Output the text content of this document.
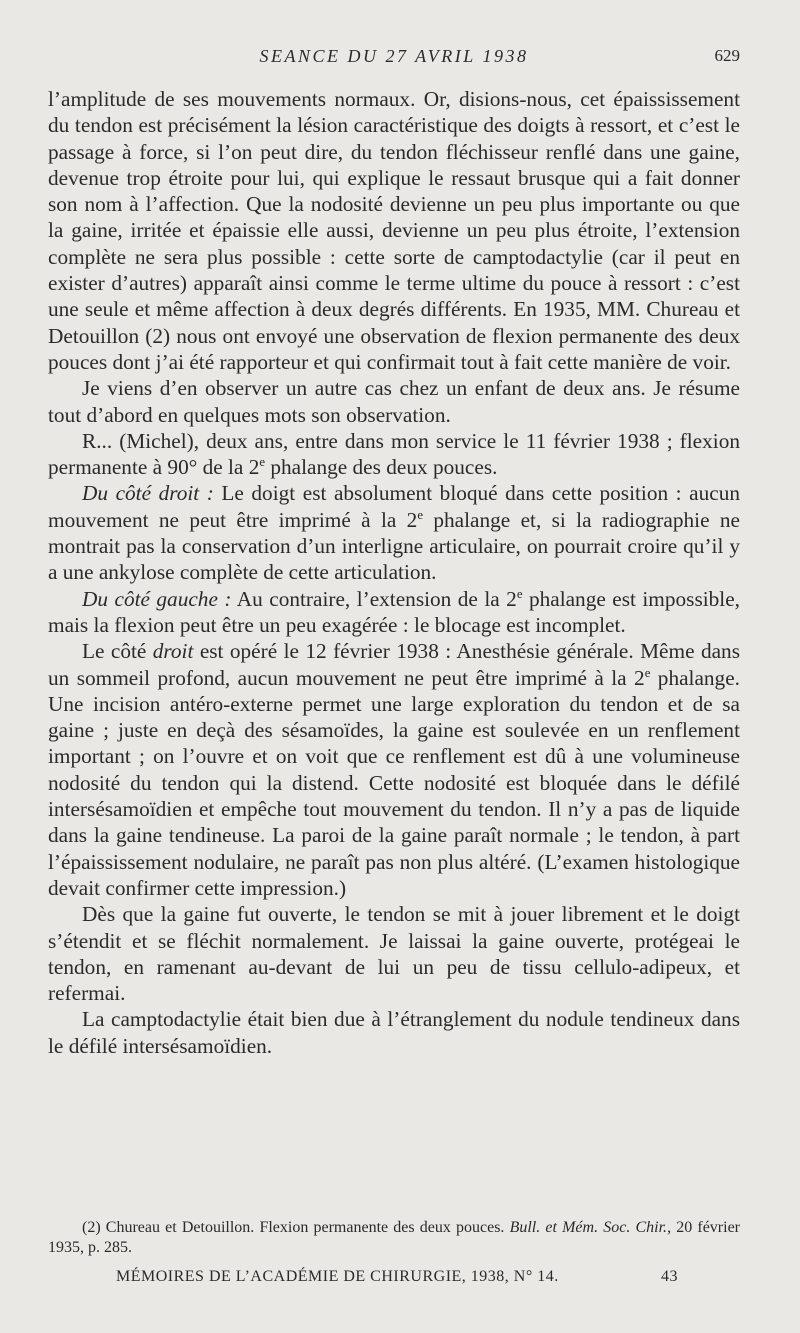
SEANCE DU 27 AVRIL 1938	629

l’amplitude de ses mouvements normaux. Or, disions-nous, cet épaississement du tendon est précisément la lésion caractéristique des doigts à ressort, et c’est le passage à force, si l’on peut dire, du tendon fléchisseur renflé dans une gaine, devenue trop étroite pour lui, qui explique le ressaut brusque qui a fait donner son nom à l’affection. Que la nodosité devienne un peu plus importante ou que la gaine, irritée et épaissie elle aussi, devienne un peu plus étroite, l’extension complète ne sera plus possible : cette sorte de camptodactylie (car il peut en exister d’autres) apparaît ainsi comme le terme ultime du pouce à ressort : c’est une seule et même affection à deux degrés différents. En 1935, MM. Chureau et Detouillon (2) nous ont envoyé une observation de flexion permanente des deux pouces dont j’ai été rapporteur et qui confirmait tout à fait cette manière de voir.

Je viens d’en observer un autre cas chez un enfant de deux ans. Je résume tout d’abord en quelques mots son observation.

R... (Michel), deux ans, entre dans mon service le 11 février 1938 ; flexion permanente à 90° de la 2e phalange des deux pouces.

Du côté droit : Le doigt est absolument bloqué dans cette position : aucun mouvement ne peut être imprimé à la 2e phalange et, si la radiographie ne montrait pas la conservation d’un interligne articulaire, on pourrait croire qu’il y a une ankylose complète de cette articulation.

Du côté gauche : Au contraire, l’extension de la 2e phalange est impossible, mais la flexion peut être un peu exagérée : le blocage est incomplet.

Le côté droit est opéré le 12 février 1938 : Anesthésie générale. Même dans un sommeil profond, aucun mouvement ne peut être imprimé à la 2e phalange. Une incision antéro-externe permet une large exploration du tendon et de sa gaine ; juste en deçà des sésamoïdes, la gaine est soulevée en un renflement important ; on l’ouvre et on voit que ce renflement est dû à une volumineuse nodosité du tendon qui la distend. Cette nodosité est bloquée dans le défilé intersésamoïdien et empêche tout mouvement du tendon. Il n’y a pas de liquide dans la gaine tendineuse. La paroi de la gaine paraît normale ; le tendon, à part l’épaississement nodulaire, ne paraît pas non plus altéré. (L’examen histologique devait confirmer cette impression.)

Dès que la gaine fut ouverte, le tendon se mit à jouer librement et le doigt s’étendit et se fléchit normalement. Je laissai la gaine ouverte, protégeai le tendon, en ramenant au-devant de lui un peu de tissu cellulo-adipeux, et refermai.

La camptodactylie était bien due à l’étranglement du nodule tendineux dans le défilé intersésamoïdien.

(2) Chureau et Detouillon. Flexion permanente des deux pouces. Bull. et Mém. Soc. Chir., 20 février 1935, p. 285.

MÉMOIRES DE L’ACADÉMIE DE CHIRURGIE, 1938, N° 14.	43
